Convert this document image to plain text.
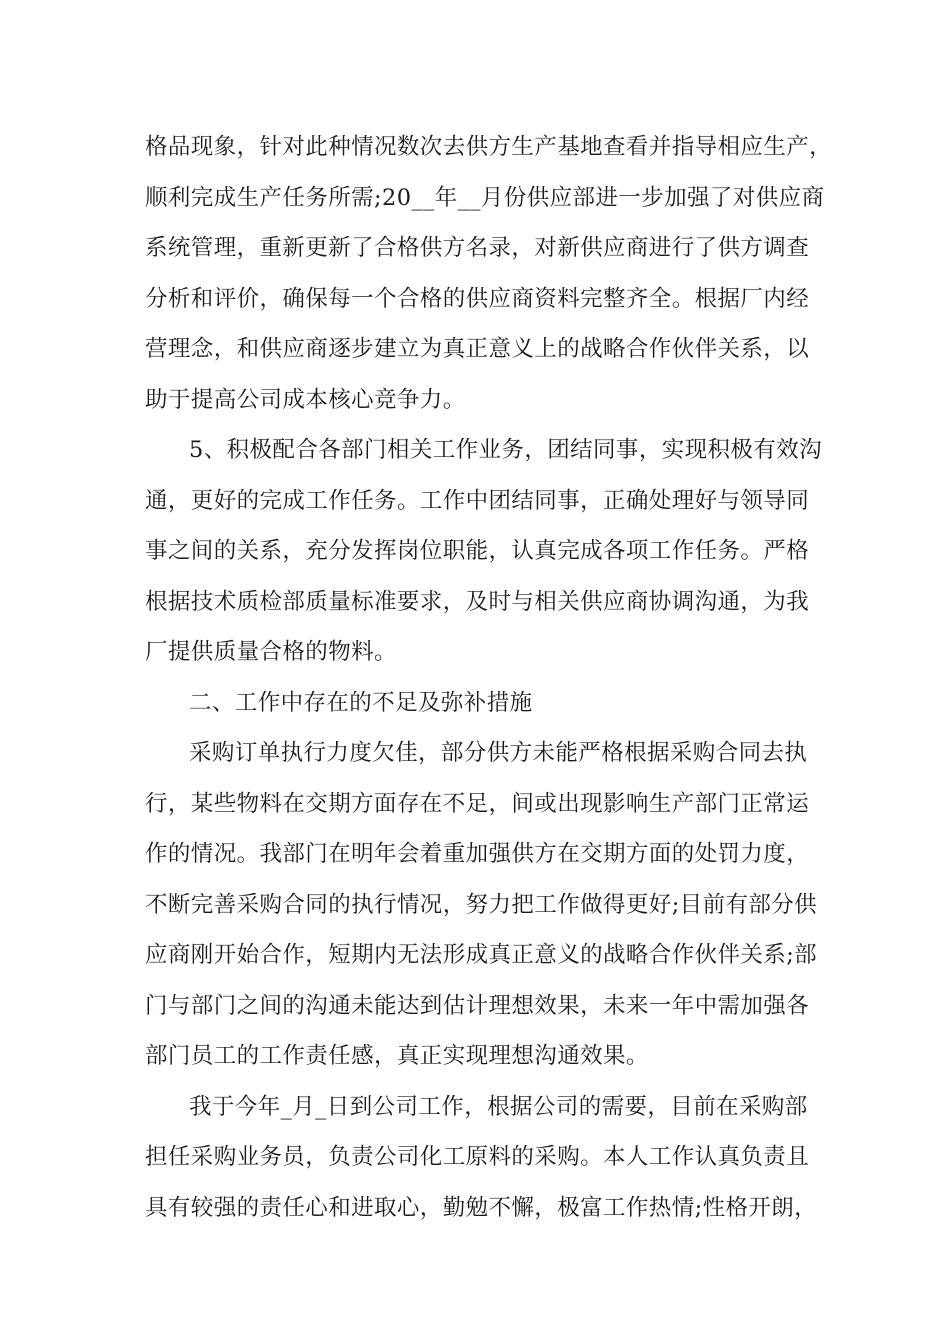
格品现象，针对此种情况数次去供方生产基地查看并指导相应生产，
顺利完成生产任务所需;20__年__月份供应部进一步加强了对供应商
系统管理，重新更新了合格供方名录，对新供应商进行了供方调查
分析和评价，确保每一个合格的供应商资料完整齐全。根据厂内经
营理念，和供应商逐步建立为真正意义上的战略合作伙伴关系，以
助于提高公司成本核心竞争力。
5、积极配合各部门相关工作业务，团结同事，实现积极有效沟
通，更好的完成工作任务。工作中团结同事，正确处理好与领导同
事之间的关系，充分发挥岗位职能，认真完成各项工作任务。严格
根据技术质检部质量标准要求，及时与相关供应商协调沟通，为我
厂提供质量合格的物料。
二、工作中存在的不足及弥补措施
采购订单执行力度欠佳，部分供方未能严格根据采购合同去执
行，某些物料在交期方面存在不足，间或出现影响生产部门正常运
作的情况。我部门在明年会着重加强供方在交期方面的处罚力度，
不断完善采购合同的执行情况，努力把工作做得更好;目前有部分供
应商刚开始合作，短期内无法形成真正意义的战略合作伙伴关系;部
门与部门之间的沟通未能达到估计理想效果，未来一年中需加强各
部门员工的工作责任感，真正实现理想沟通效果。
我于今年_月_日到公司工作，根据公司的需要，目前在采购部
担任采购业务员，负责公司化工原料的采购。本人工作认真负责且
具有较强的责任心和进取心，勤勉不懈，极富工作热情;性格开朗，
